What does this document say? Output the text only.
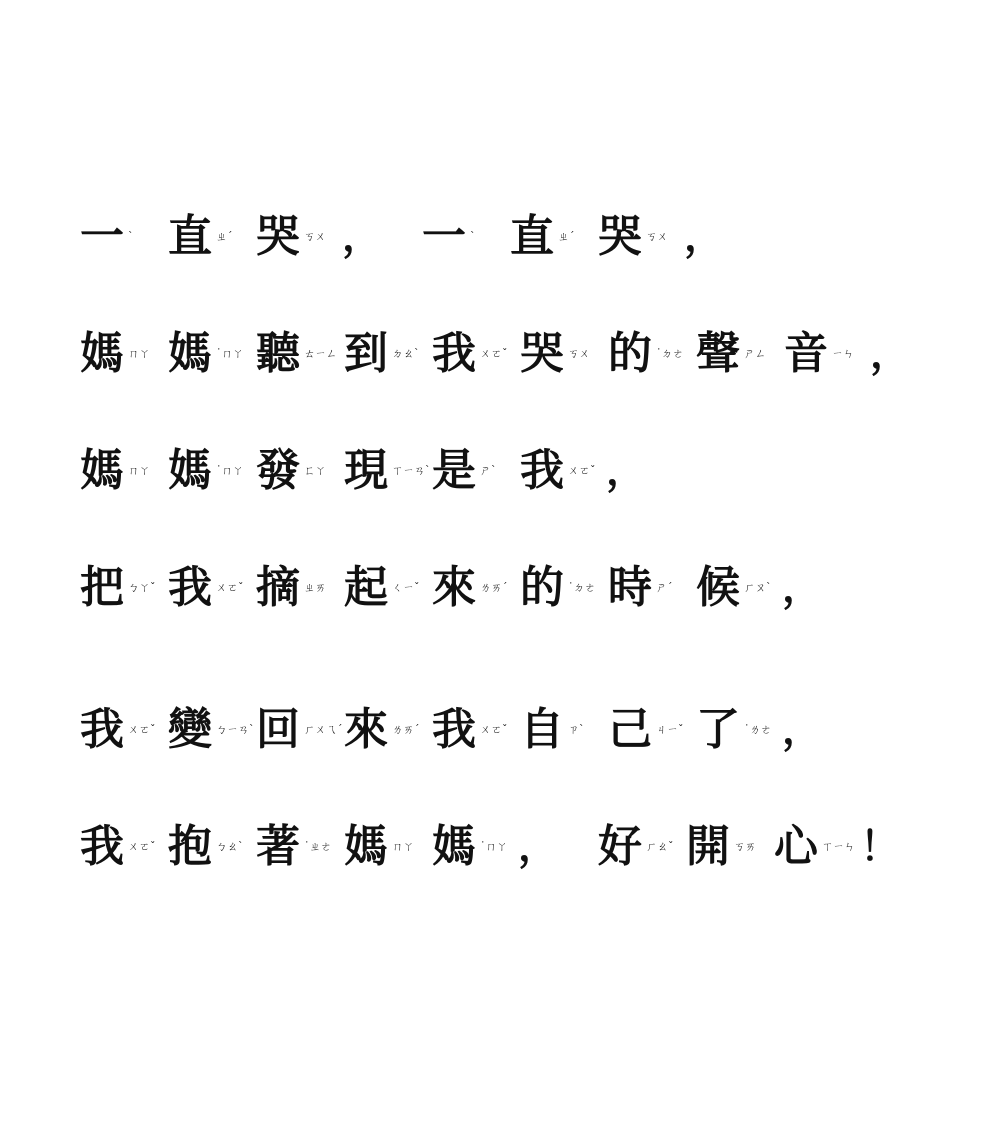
一 ˋ 直 ㄓˊ 哭 ㄎㄨ ， 一 ˋ 直 ㄓˊ 哭 ㄎㄨ ，
媽 ㄇㄚ 媽 ˙ㄇㄚ 聽 ㄊㄧㄥ 到 ㄉㄠˋ 我 ㄨㄛˇ 哭 ㄎㄨ 的 ˙ㄉㄜ 聲 ㄕㄥ 音 ㄧㄣ ，
媽 ㄇㄚ 媽 ˙ㄇㄚ 發 ㄈㄚ 現 ㄒㄧㄢˋ 是 ㄕˋ 我 ㄨㄛˇ ，
把 ㄅㄚˇ 我 ㄨㄛˇ 摘 ㄓㄞ 起 ㄑㄧˇ 來 ㄌㄞˊ 的 ˙ㄉㄜ 時 ㄕˊ 候 ㄏㄡˋ ，
我 ㄨㄛˇ 變 ㄅㄧㄢˋ 回 ㄏㄨㄟˊ 來 ㄌㄞˊ 我 ㄨㄛˇ 自 ㄗˋ 己 ㄐㄧˇ 了 ˙ㄌㄜ ，
我 ㄨㄛˇ 抱 ㄅㄠˋ 著 ˙ㄓㄜ 媽 ㄇㄚ 媽 ˙ㄇㄚ ， 好 ㄏㄠˇ 開 ㄎㄞ 心 ㄒㄧㄣ ！
